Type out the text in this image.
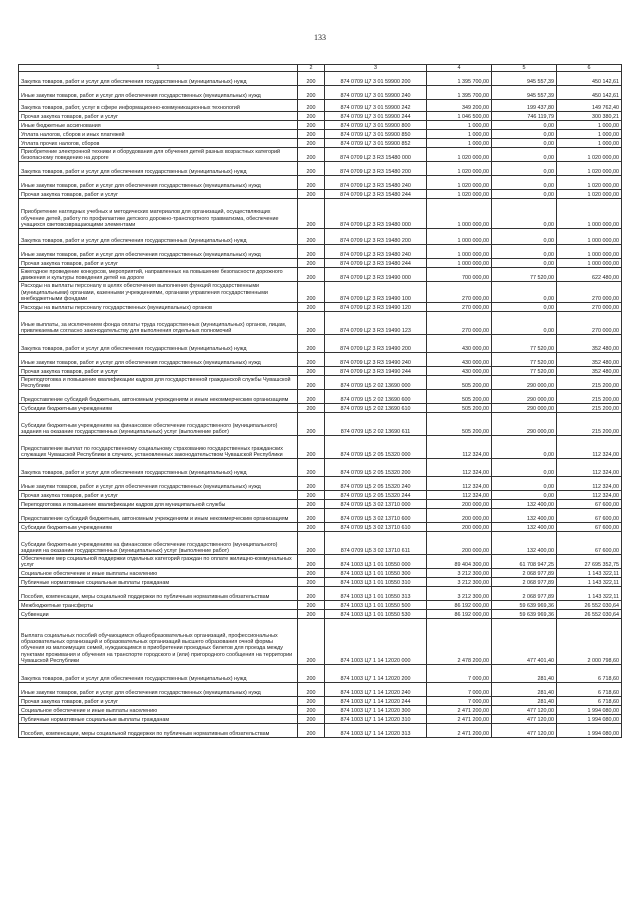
133
1	2	3	4	5	6
Закупка товаров, работ и услуг для обеспечения государственных (муниципальных) нужд	200	874 0709 Ц7 3 01 59900 200	1 395 700,00	945 557,39	450 142,61
Иные закупки товаров, работ и услуг для обеспечения государственных (муниципальных) нужд	200	874 0709 Ц7 3 01 59900 240	1 395 700,00	945 557,39	450 142,61
Закупка товаров, работ, услуг в сфере информационно-коммуникационных технологий	200	874 0709 Ц7 3 01 59900 242	349 200,00	199 437,80	149 762,40
Прочая закупка товаров, работ и услуг	200	874 0709 Ц7 3 01 59900 244	1 046 500,00	746 119,79	300 380,21
Иные бюджетные ассигнования	200	874 0709 Ц7 3 01 59900 800	1 000,00	0,00	1 000,00
Уплата налогов, сборов и иных платежей	200	874 0709 Ц7 3 01 59900 850	1 000,00	0,00	1 000,00
Уплата прочих налогов, сборов	200	874 0709 Ц7 3 01 59900 852	1 000,00	0,00	1 000,00
Приобретение электронной техники и оборудования для обучения детей разных возрастных категорий безопасному поведению на дороге	200	874 0709 Ц2 3 R3 15480 000	1 020 000,00	0,00	1 020 000,00
Закупка товаров, работ и услуг для обеспечения государственных (муниципальных) нужд	200	874 0709 Ц2 3 R3 15480 200	1 020 000,00	0,00	1 020 000,00
Иные закупки товаров, работ и услуг для обеспечения государственных (муниципальных) нужд	200	874 0709 Ц2 3 R3 15480 240	1 020 000,00	0,00	1 020 000,00
Прочая закупка товаров, работ и услуг	200	874 0709 Ц2 3 R3 15480 244	1 020 000,00	0,00	1 020 000,00
Приобретение наглядных учебных и методических материалов для организаций, осуществляющих обучение детей, работу по профилактике детского дорожно-транспортного травматизма, обеспечение учащихся световозвращающими элементами	200	874 0709 Ц2 3 R3 19480 000	1 000 000,00	0,00	1 000 000,00
Закупка товаров, работ и услуг для обеспечения государственных (муниципальных) нужд	200	874 0709 Ц2 3 R3 19480 200	1 000 000,00	0,00	1 000 000,00
Иные закупки товаров, работ и услуг для обеспечения государственных (муниципальных) нужд	200	874 0709 Ц2 3 R3 19480 240	1 000 000,00	0,00	1 000 000,00
Прочая закупка товаров, работ и услуг	200	874 0709 Ц2 3 R3 19480 244	1 000 000,00	0,00	1 000 000,00
Ежегодное проведение конкурсов, мероприятий, направленных на повышение безопасности дорожного движения и культуры поведения детей на дороге	200	874 0709 Ц2 3 R3 19490 000	700 000,00	77 520,00	622 480,00
Расходы на выплаты персоналу в целях обеспечения выполнения функций государственными (муниципальными) органами, казенными учреждениями, органами управления государственными внебюджетными фондами	200	874 0709 Ц2 3 R3 19490 100	270 000,00	0,00	270 000,00
Расходы на выплаты персоналу государственных (муниципальных) органов	200	874 0709 Ц2 3 R3 19490 120	270 000,00	0,00	270 000,00
Иные выплаты, за исключением фонда оплаты труда государственных (муниципальных) органов, лицам, привлекаемым согласно законодательству для выполнения отдельных полномочий	200	874 0709 Ц2 3 R3 19490 123	270 000,00	0,00	270 000,00
Закупка товаров, работ и услуг для обеспечения государственных (муниципальных) нужд	200	874 0709 Ц2 3 R3 19490 200	430 000,00	77 520,00	352 480,00
Иные закупки товаров, работ и услуг для обеспечения государственных (муниципальных) нужд	200	874 0709 Ц2 3 R3 19490 240	430 000,00	77 520,00	352 480,00
Прочая закупка товаров, работ и услуг	200	874 0709 Ц2 3 R3 19490 244	430 000,00	77 520,00	352 480,00
Переподготовка и повышение квалификации кадров для государственной гражданской службы Чувашской Республики	200	874 0709 Ц5 2 02 13690 000	505 200,00	290 000,00	215 200,00
Предоставление субсидий бюджетным, автономным учреждениям и иным некоммерческим организациям	200	874 0709 Ц5 2 02 13690 600	505 200,00	290 000,00	215 200,00
Субсидии бюджетным учреждениям	200	874 0709 Ц5 2 02 13690 610	505 200,00	290 000,00	215 200,00
Субсидии бюджетным учреждениям на финансовое обеспечение государственного (муниципального) задания на оказание государственных (муниципальных) услуг (выполнение работ)	200	874 0709 Ц5 2 02 13690 611	505 200,00	290 000,00	215 200,00
Предоставление выплат по государственному социальному страхованию государственных гражданских служащих Чувашской Республики в случаях, установленных законодательством Чувашской Республики	200	874 0709 Ц5 2 05 15320 000	112 324,00	0,00	112 324,00
Закупка товаров, работ и услуг для обеспечения государственных (муниципальных) нужд	200	874 0709 Ц5 2 05 15320 200	112 324,00	0,00	112 324,00
Иные закупки товаров, работ и услуг для обеспечения государственных (муниципальных) нужд	200	874 0709 Ц5 2 05 15320 240	112 324,00	0,00	112 324,00
Прочая закупка товаров, работ и услуг	200	874 0709 Ц5 2 05 15320 244	112 324,00	0,00	112 324,00
Переподготовка и повышение квалификации кадров для муниципальной службы	200	874 0709 Ц5 3 02 13710 000	200 000,00	132 400,00	67 600,00
Предоставление субсидий бюджетным, автономным учреждениям и иным некоммерческим организациям	200	874 0709 Ц5 3 02 13710 600	200 000,00	132 400,00	67 600,00
Субсидии бюджетным учреждениям	200	874 0709 Ц5 3 02 13710 610	200 000,00	132 400,00	67 600,00
Субсидии бюджетным учреждениям на финансовое обеспечение государственного (муниципального) задания на оказание государственных (муниципальных) услуг (выполнение работ)	200	874 0709 Ц5 3 02 13710 611	200 000,00	132 400,00	67 600,00
Обеспечение мер социальной поддержки отдельных категорий граждан по оплате жилищно-коммунальных услуг	200	874 1003 Ц3 1 01 10550 000	89 404 300,00	61 708 947,25	27 695 352,75
Социальное обеспечение и иные выплаты населению	200	874 1003 Ц3 1 01 10550 300	3 212 300,00	2 068 977,89	1 143 322,11
Публичные нормативные социальные выплаты гражданам	200	874 1003 Ц3 1 01 10550 310	3 212 300,00	2 068 977,89	1 143 322,11
Пособия, компенсации, меры социальной поддержки по публичным нормативным обязательствам	200	874 1003 Ц3 1 01 10550 313	3 212 300,00	2 068 977,89	1 143 322,11
Межбюджетные трансферты	200	874 1003 Ц3 1 01 10550 500	86 192 000,00	59 639 969,36	26 552 030,64
Субвенции	200	874 1003 Ц3 1 01 10550 530	86 192 000,00	59 639 969,36	26 552 030,64
Выплата социальных пособий обучающимся общеобразовательных организаций, профессиональных образовательных организаций и образовательных организаций высшего образования очной формы обучения из малоимущих семей, нуждающимся в приобретении проездных билетов для проезда между пунктами проживания и обучения на транспорте городского и (или) пригородного сообщения на территории Чувашской Республики	200	874 1003 Ц7 1 14 12020 000	2 478 200,00	477 401,40	2 000 798,60
Закупка товаров, работ и услуг для обеспечения государственных (муниципальных) нужд	200	874 1003 Ц7 1 14 12020 200	7 000,00	281,40	6 718,60
Иные закупки товаров, работ и услуг для обеспечения государственных (муниципальных) нужд	200	874 1003 Ц7 1 14 12020 240	7 000,00	281,40	6 718,60
Прочая закупка товаров, работ и услуг	200	874 1003 Ц7 1 14 12020 244	7 000,00	281,40	6 718,60
Социальное обеспечение и иные выплаты населению	200	874 1003 Ц7 1 14 12020 300	2 471 200,00	477 120,00	1 994 080,00
Публичные нормативные социальные выплаты гражданам	200	874 1003 Ц7 1 14 12020 310	2 471 200,00	477 120,00	1 994 080,00
Пособия, компенсации, меры социальной поддержки по публичным нормативным обязательствам	200	874 1003 Ц7 1 14 12020 313	2 471 200,00	477 120,00	1 994 080,00
